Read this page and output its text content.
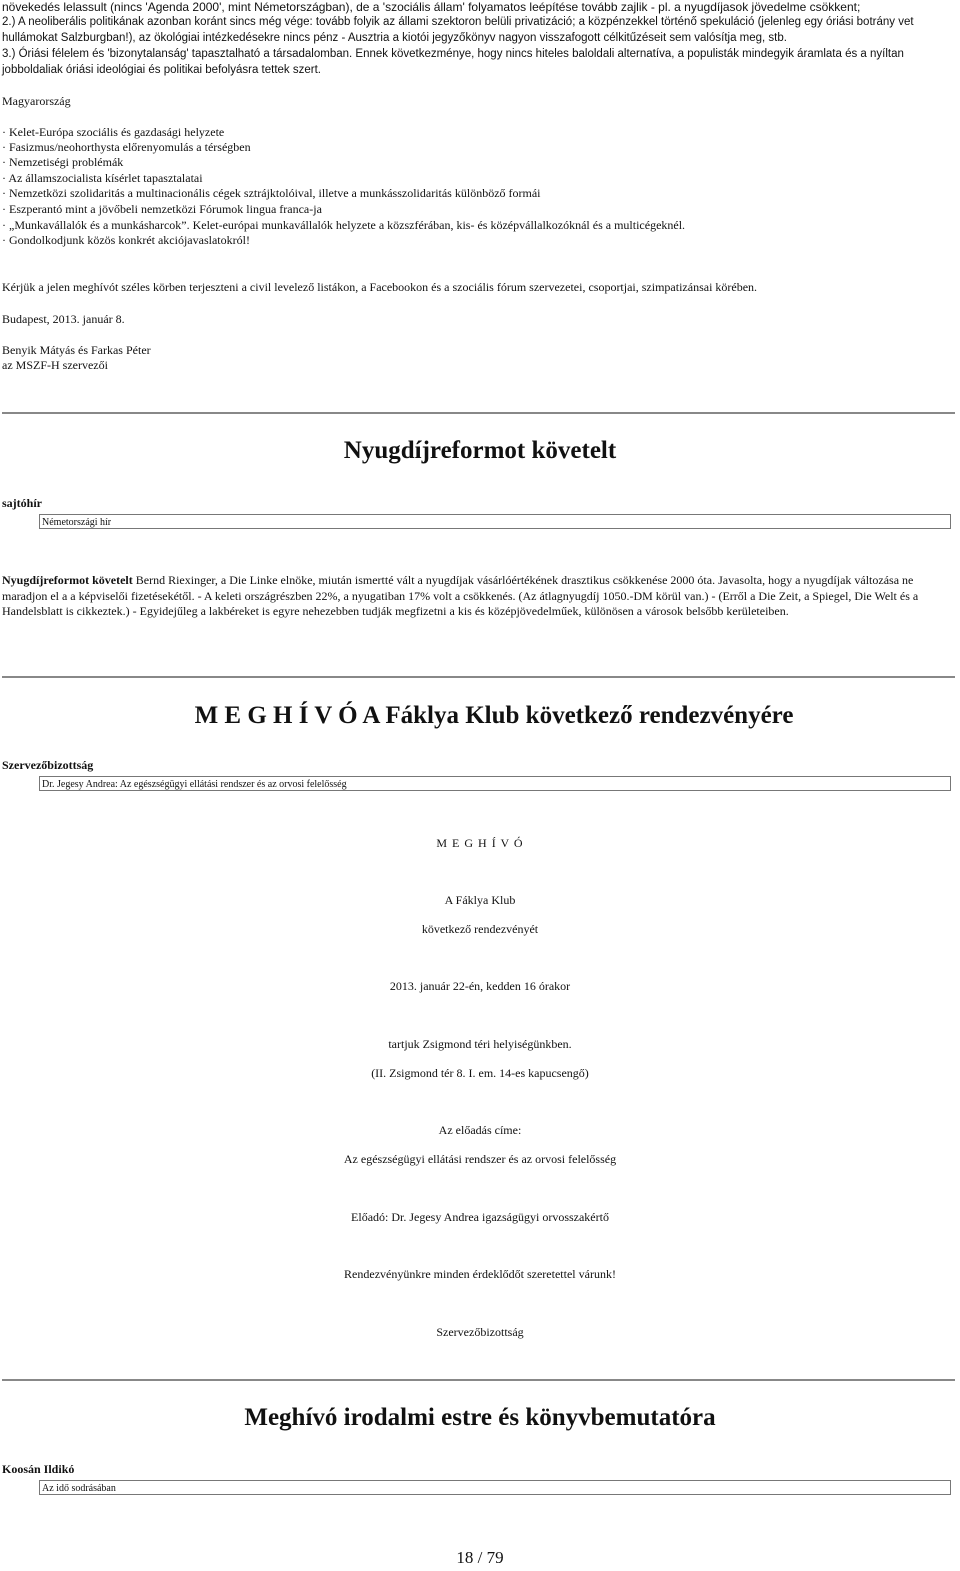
növekedés lelassult (nincs 'Agenda 2000', mint Németországban), de a 'szociális állam' folyamatos leépítése tovább zajlik - pl. a nyugdíjasok jövedelme csökkent;

2.) A neoliberális politikának azonban koránt sincs még vége: tovább folyik az állami szektoron belüli privatizáció; a közpénzekkel történő spekuláció (jelenleg egy óriási botrány vet hullámokat Salzburgban!), az ökológiai intézkedésekre nincs pénz - Ausztria a kiotói jegyzőkönyv nagyon visszafogott célkitűzéseit sem valósítja meg, stb.

3.) Óriási félelem és 'bizonytalanság' tapasztalható a társadalomban. Ennek következménye, hogy nincs hiteles baloldali alternatíva, a populisták mindegyik áramlata és a nyíltan jobboldaliak óriási ideológiai és politikai befolyásra tettek szert.

Magyarország

· Kelet-Európa szociális és gazdasági helyzete

· Fasizmus/neohorthysta előrenyomulás a térségben

· Nemzetiségi problémák

· Az államszocialista kísérlet tapasztalatai

· Nemzetközi szolidaritás a multinacionális cégek sztrájktolóival, illetve a munkásszolidaritás különböző formái

· Eszperantó mint a jövőbeli nemzetközi Fórumok lingua franca-ja

· „Munkavállalók és a munkásharcok”. Kelet-európai munkavállalók helyzete a közszférában, kis- és középvállalkozóknál és a multicégeknél.

· Gondolkodjunk közös konkrét akciójavaslatokról!

Kérjük a jelen meghívót széles körben terjeszteni a civil levelező listákon, a Facebookon és a szociális fórum szervezetei, csoportjai, szimpatizánsai körében.

Budapest, 2013. január 8.

Benyik Mátyás és Farkas Péter

az MSZF-H szervezői

Nyugdíjreformot követelt

sajtóhír

Németországi hír

Nyugdíjreformot követelt Bernd Riexinger, a Die Linke elnöke, miután ismertté vált a nyugdíjak vásárlóértékének drasztikus csökkenése 2000 óta. Javasolta, hogy a nyugdíjak változása ne maradjon el a a képviselői fizetésekétől. - A keleti országrészben 22%, a nyugatiban 17% volt a csökkenés. (Az átlagnyugdíj 1050.-DM körül van.) - (Erről a Die Zeit, a Spiegel, Die Welt és a Handelsblatt is cikkeztek.) - Egyidejűleg a lakbéreket is egyre nehezebben tudják megfizetni a kis és középjövedelműek, különösen a városok belsőbb kerületeiben.

M E G H Í V Ó A Fáklya Klub következő rendezvényére

Szervezőbizottság

Dr. Jegesy Andrea: Az egészségügyi ellátási rendszer és az orvosi felelősség

M E G H Í V Ó

A Fáklya Klub

következő rendezvényét

2013. január 22-én, kedden 16 órakor

tartjuk Zsigmond téri helyiségünkben.

(II. Zsigmond tér 8. I. em. 14-es kapucsengő)

Az előadás címe:

Az egészségügyi ellátási rendszer és az orvosi felelősség

Előadó: Dr. Jegesy Andrea igazságügyi orvosszakértő

Rendezvényünkre minden érdeklődőt szeretettel várunk!

Szervezőbizottság

Meghívó irodalmi estre és könyvbemutatóra

Koosán Ildikó

Az idő sodrásában

18 / 79
